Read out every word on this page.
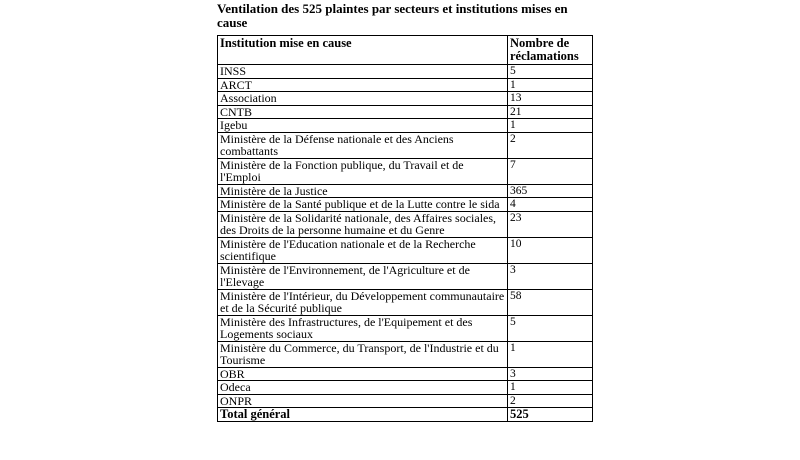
Ventilation des 525 plaintes par secteurs et institutions mises en cause
Institution mise en cause	Nombre de réclamations
INSS	5
ARCT	1
Association	13
CNTB	21
Igebu	1
Ministère de la Défense nationale et des Anciens combattants	2
Ministère de la Fonction publique, du Travail et de l'Emploi	7
Ministère de la Justice	365
Ministère de la Santé publique et de la Lutte contre le sida	4
Ministère de la Solidarité nationale, des Affaires sociales, des Droits de la personne humaine et du Genre	23
Ministère de l'Education nationale et de la Recherche scientifique	10
Ministère de l'Environnement, de l'Agriculture et de l'Elevage	3
Ministère de l'Intérieur, du Développement communautaire et de la Sécurité publique	58
Ministère des Infrastructures, de l'Equipement et des Logements sociaux	5
Ministère du Commerce, du Transport, de l'Industrie et du Tourisme	1
OBR	3
Odeca	1
ONPR	2
Total général	525
